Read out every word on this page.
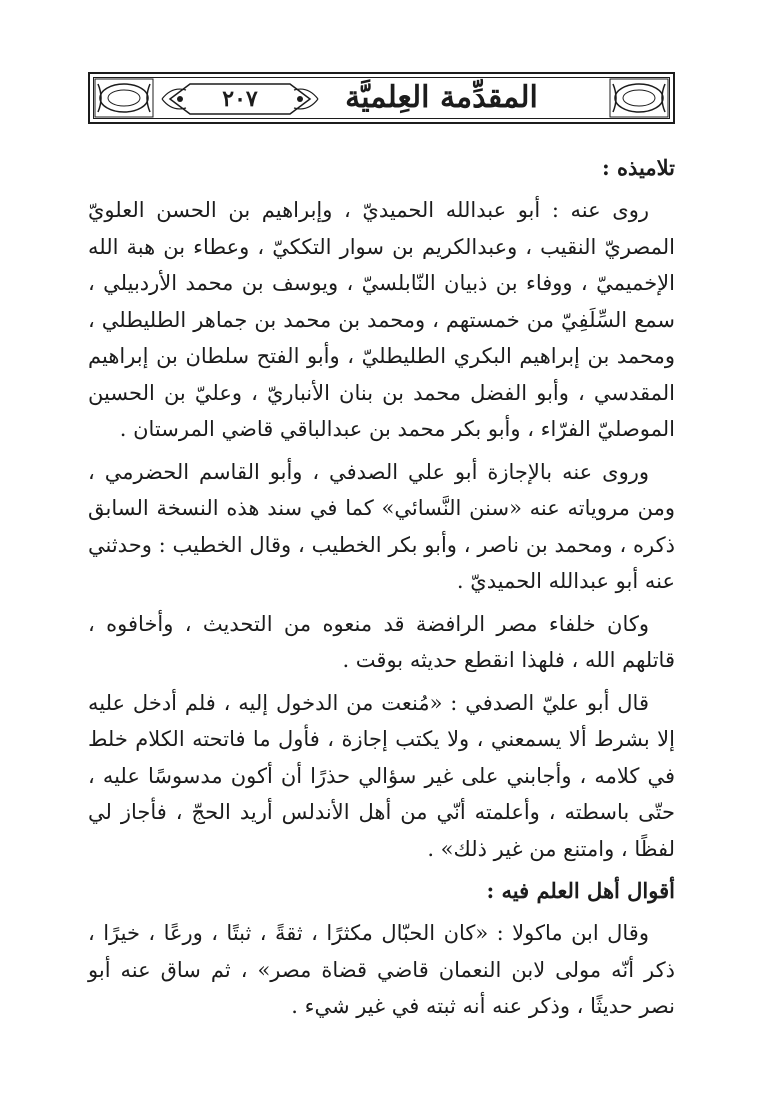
٢٠٧	المقدِّمة العِلميَّة
تلاميذه :

روى عنه : أبو عبدالله الحميديّ ، وإبراهيم بن الحسن العلويّ المصريّ النقيب ، وعبدالكريم بن سوار التككيّ ، وعطاء بن هبة الله الإخميميّ ، ووفاء بن ذبيان النّابلسيّ ، ويوسف بن محمد الأردبيلي ، سمع السِّلَفِيّ من خمستهم ، ومحمد بن محمد بن جماهر الطليطلي ، ومحمد بن إبراهيم البكري الطليطليّ ، وأبو الفتح سلطان بن إبراهيم المقدسي ، وأبو الفضل محمد بن بنان الأنباريّ ، وعليّ بن الحسين الموصليّ الفرّاء ، وأبو بكر محمد بن عبدالباقي قاضي المرستان .

وروى عنه بالإجازة أبو علي الصدفي ، وأبو القاسم الحضرمي ، ومن مروياته عنه «سنن النَّسائي» كما في سند هذه النسخة السابق ذكره ، ومحمد بن ناصر ، وأبو بكر الخطيب ، وقال الخطيب : وحدثني عنه أبو عبدالله الحميديّ .

وكان خلفاء مصر الرافضة قد منعوه من التحديث ، وأخافوه ، قاتلهم الله ، فلهذا انقطع حديثه بوقت .

قال أبو عليّ الصدفي : «مُنعت من الدخول إليه ، فلم أدخل عليه إلا بشرط ألا يسمعني ، ولا يكتب إجازة ، فأول ما فاتحته الكلام خلط في كلامه ، وأجابني على غير سؤالي حذرًا أن أكون مدسوسًا عليه ، حتّى باسطته ، وأعلمته أنّي من أهل الأندلس أريد الحجّ ، فأجاز لي لفظًا ، وامتنع من غير ذلك» .

أقوال أهل العلم فيه :

وقال ابن ماكولا : «كان الحبّال مكثرًا ، ثقةً ، ثبتًا ، ورعًا ، خيرًا ، ذكر أنّه مولى لابن النعمان قاضي قضاة مصر» ، ثم ساق عنه أبو نصر حديثًا ، وذكر عنه أنه ثبته في غير شيء .
